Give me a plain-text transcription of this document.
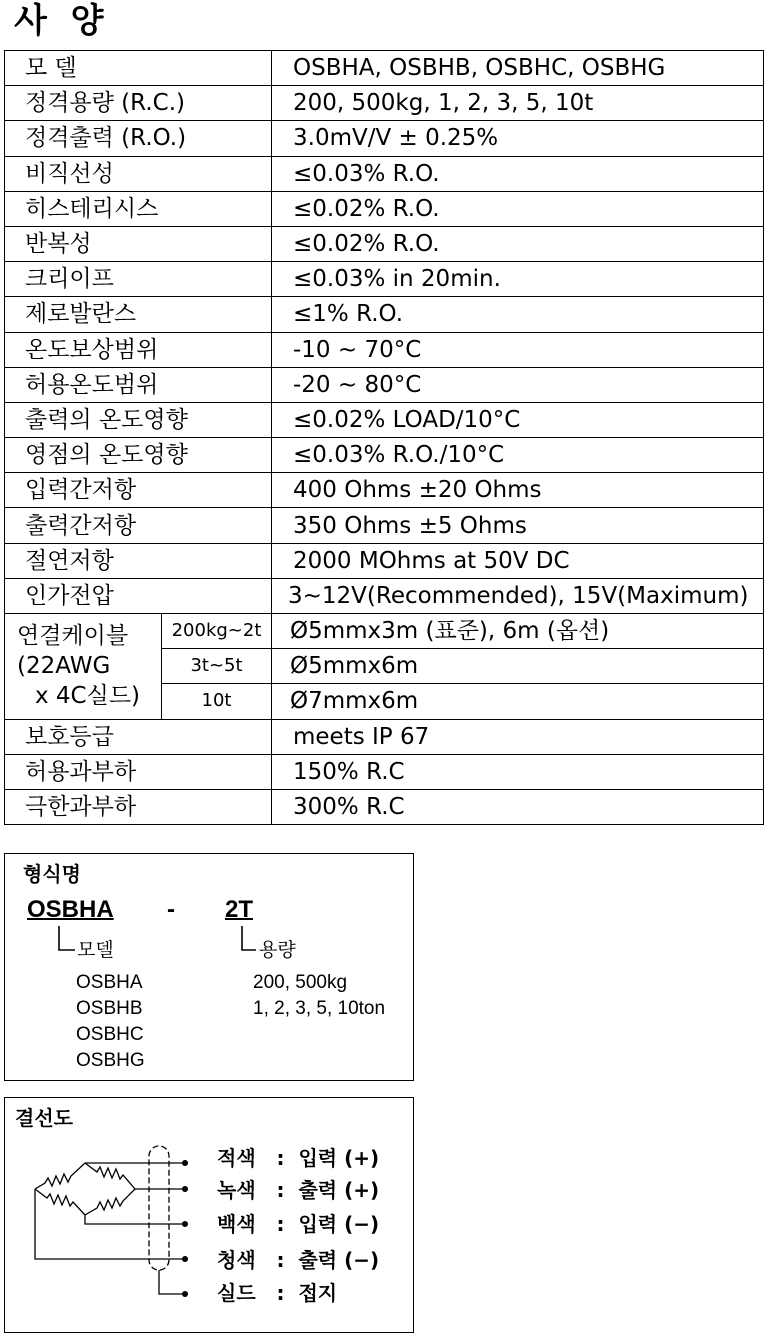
사 양
모 델		OSBHA, OSBHB, OSBHC, OSBHG
정격용량 (R.C.)		200, 500kg, 1, 2, 3, 5, 10t
정격출력 (R.O.)		3.0mV/V ± 0.25%
비직선성		≤0.03% R.O.
히스테리시스		≤0.02% R.O.
반복성		≤0.02% R.O.
크리이프		≤0.03% in 20min.
제로발란스		≤1% R.O.
온도보상범위		-10 ~ 70°C
허용온도범위		-20 ~ 80°C
출력의 온도영향		≤0.02% LOAD/10°C
영점의 온도영향		≤0.03% R.O./10°C
입력간저항		400 Ohms ±20 Ohms
출력간저항		350 Ohms ±5 Ohms
절연저항		2000 MOhms at 50V DC
인가전압		3~12V(Recommended), 15V(Maximum)

연결케이블
(22AWG
x 4C실드)	200kg~2t	Ø5mmx3m (표준), 6m (옵션)
	3t~5t	Ø5mmx6m
	10t	Ø7mmx6m
보호등급		meets IP 67
허용과부하		150% R.C
극한과부하		300% R.C
형식명
OSBHA - 2T
모델	용량
OSBHA
OSBHB
OSBHC
OSBHG
200, 500kg
1, 2, 3, 5, 10ton
결선도
적색 : 입력 (+)
녹색 : 출력 (+)
백색 : 입력 (−)
청색 : 출력 (−)
실드 : 접지
